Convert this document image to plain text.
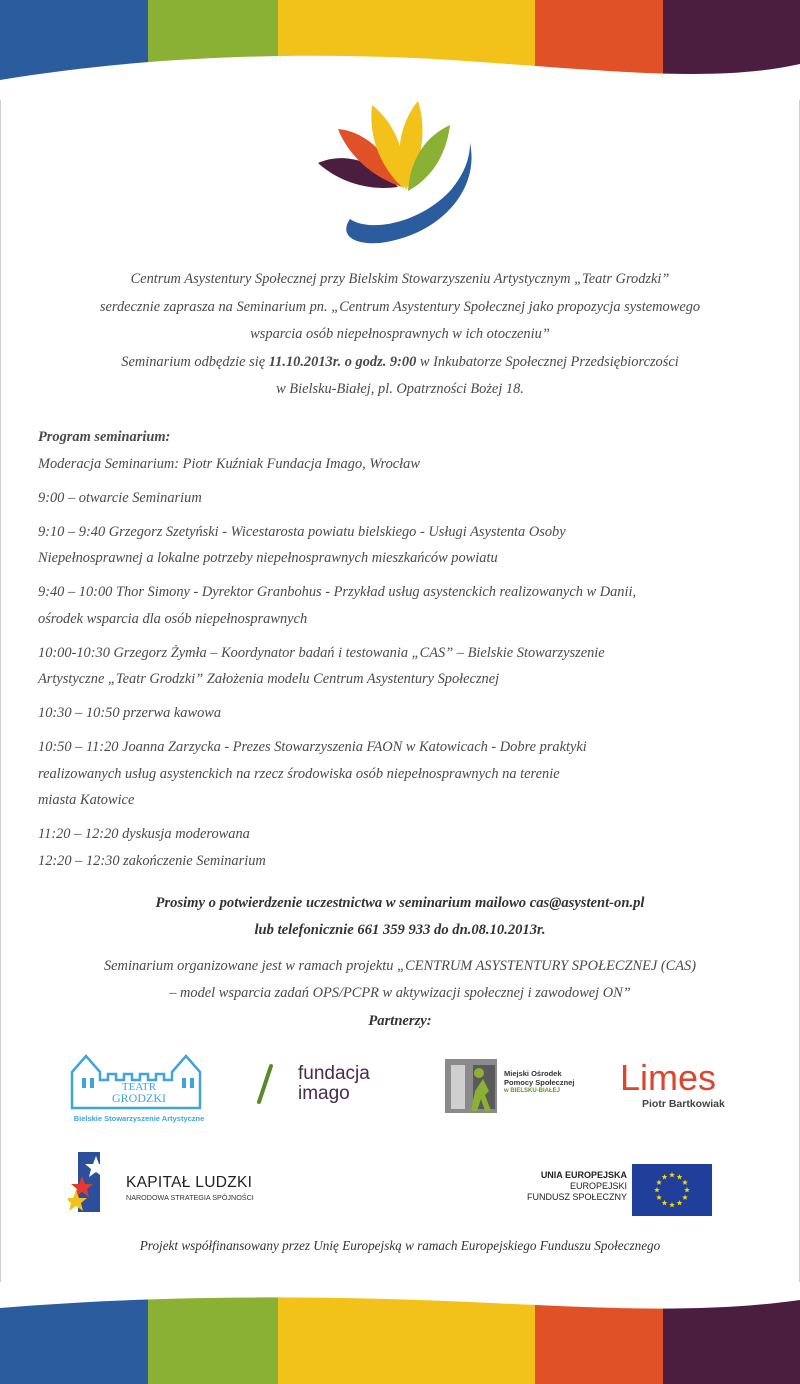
Centrum Asystentury Społecznej przy Bielskim Stowarzyszeniu Artystycznym „Teatr Grodzki”
serdecznie zaprasza na Seminarium pn. „Centrum Asystentury Społecznej jako propozycja systemowego
wsparcia osób niepełnosprawnych w ich otoczeniu”
Seminarium odbędzie się 11.10.2013r. o godz. 9:00 w Inkubatorze Społecznej Przedsiębiorczości
w Bielsku-Białej, pl. Opatrzności Bożej 18.

Program seminarium:

Moderacja Seminarium: Piotr Kuźniak Fundacja Imago, Wrocław

9:00 – otwarcie Seminarium

9:10 – 9:40 Grzegorz Szetyński - Wicestarosta powiatu bielskiego - Usługi Asystenta Osoby
Niepełnosprawnej a lokalne potrzeby niepełnosprawnych mieszkańców powiatu

9:40 – 10:00 Thor Simony - Dyrektor Granbohus - Przykład usług asystenckich realizowanych w Danii,
ośrodek wsparcia dla osób niepełnosprawnych

10:00-10:30 Grzegorz Żymła – Koordynator badań i testowania „CAS” – Bielskie Stowarzyszenie
Artystyczne „Teatr Grodzki” Założenia modelu Centrum Asystentury Społecznej

10:30 – 10:50 przerwa kawowa

10:50 – 11:20 Joanna Zarzycka - Prezes Stowarzyszenia FAON w Katowicach - Dobre praktyki
realizowanych usług asystenckich na rzecz środowiska osób niepełnosprawnych na terenie
miasta Katowice

11:20 – 12:20 dyskusja moderowana

12:20 – 12:30 zakończenie Seminarium

Prosimy o potwierdzenie uczestnictwa w seminarium mailowo cas@asystent-on.pl
lub telefonicznie 661 359 933 do dn.08.10.2013r.
Seminarium organizowane jest w ramach projektu „CENTRUM ASYSTENTURY SPOŁECZNEJ (CAS)
– model wsparcia zadań OPS/PCPR w aktywizacji społecznej i zawodowej ON”
Partnerzy:
TEATR
GRODZKI
Bielskie Stowarzyszenie Artystyczne
fundacja
imago
Miejski Ośrodek
Pomocy Społecznej
w BIELSKU-BIAŁEJ	Limes
Piotr Bartkowiak
KAPITAŁ LUDZKI
NARODOWA STRATEGIA SPÓJNOŚCI
UNIA EUROPEJSKA
EUROPEJSKI
FUNDUSZ SPOŁECZNY
Projekt współfinansowany przez Unię Europejską w ramach Europejskiego Funduszu Społecznego
